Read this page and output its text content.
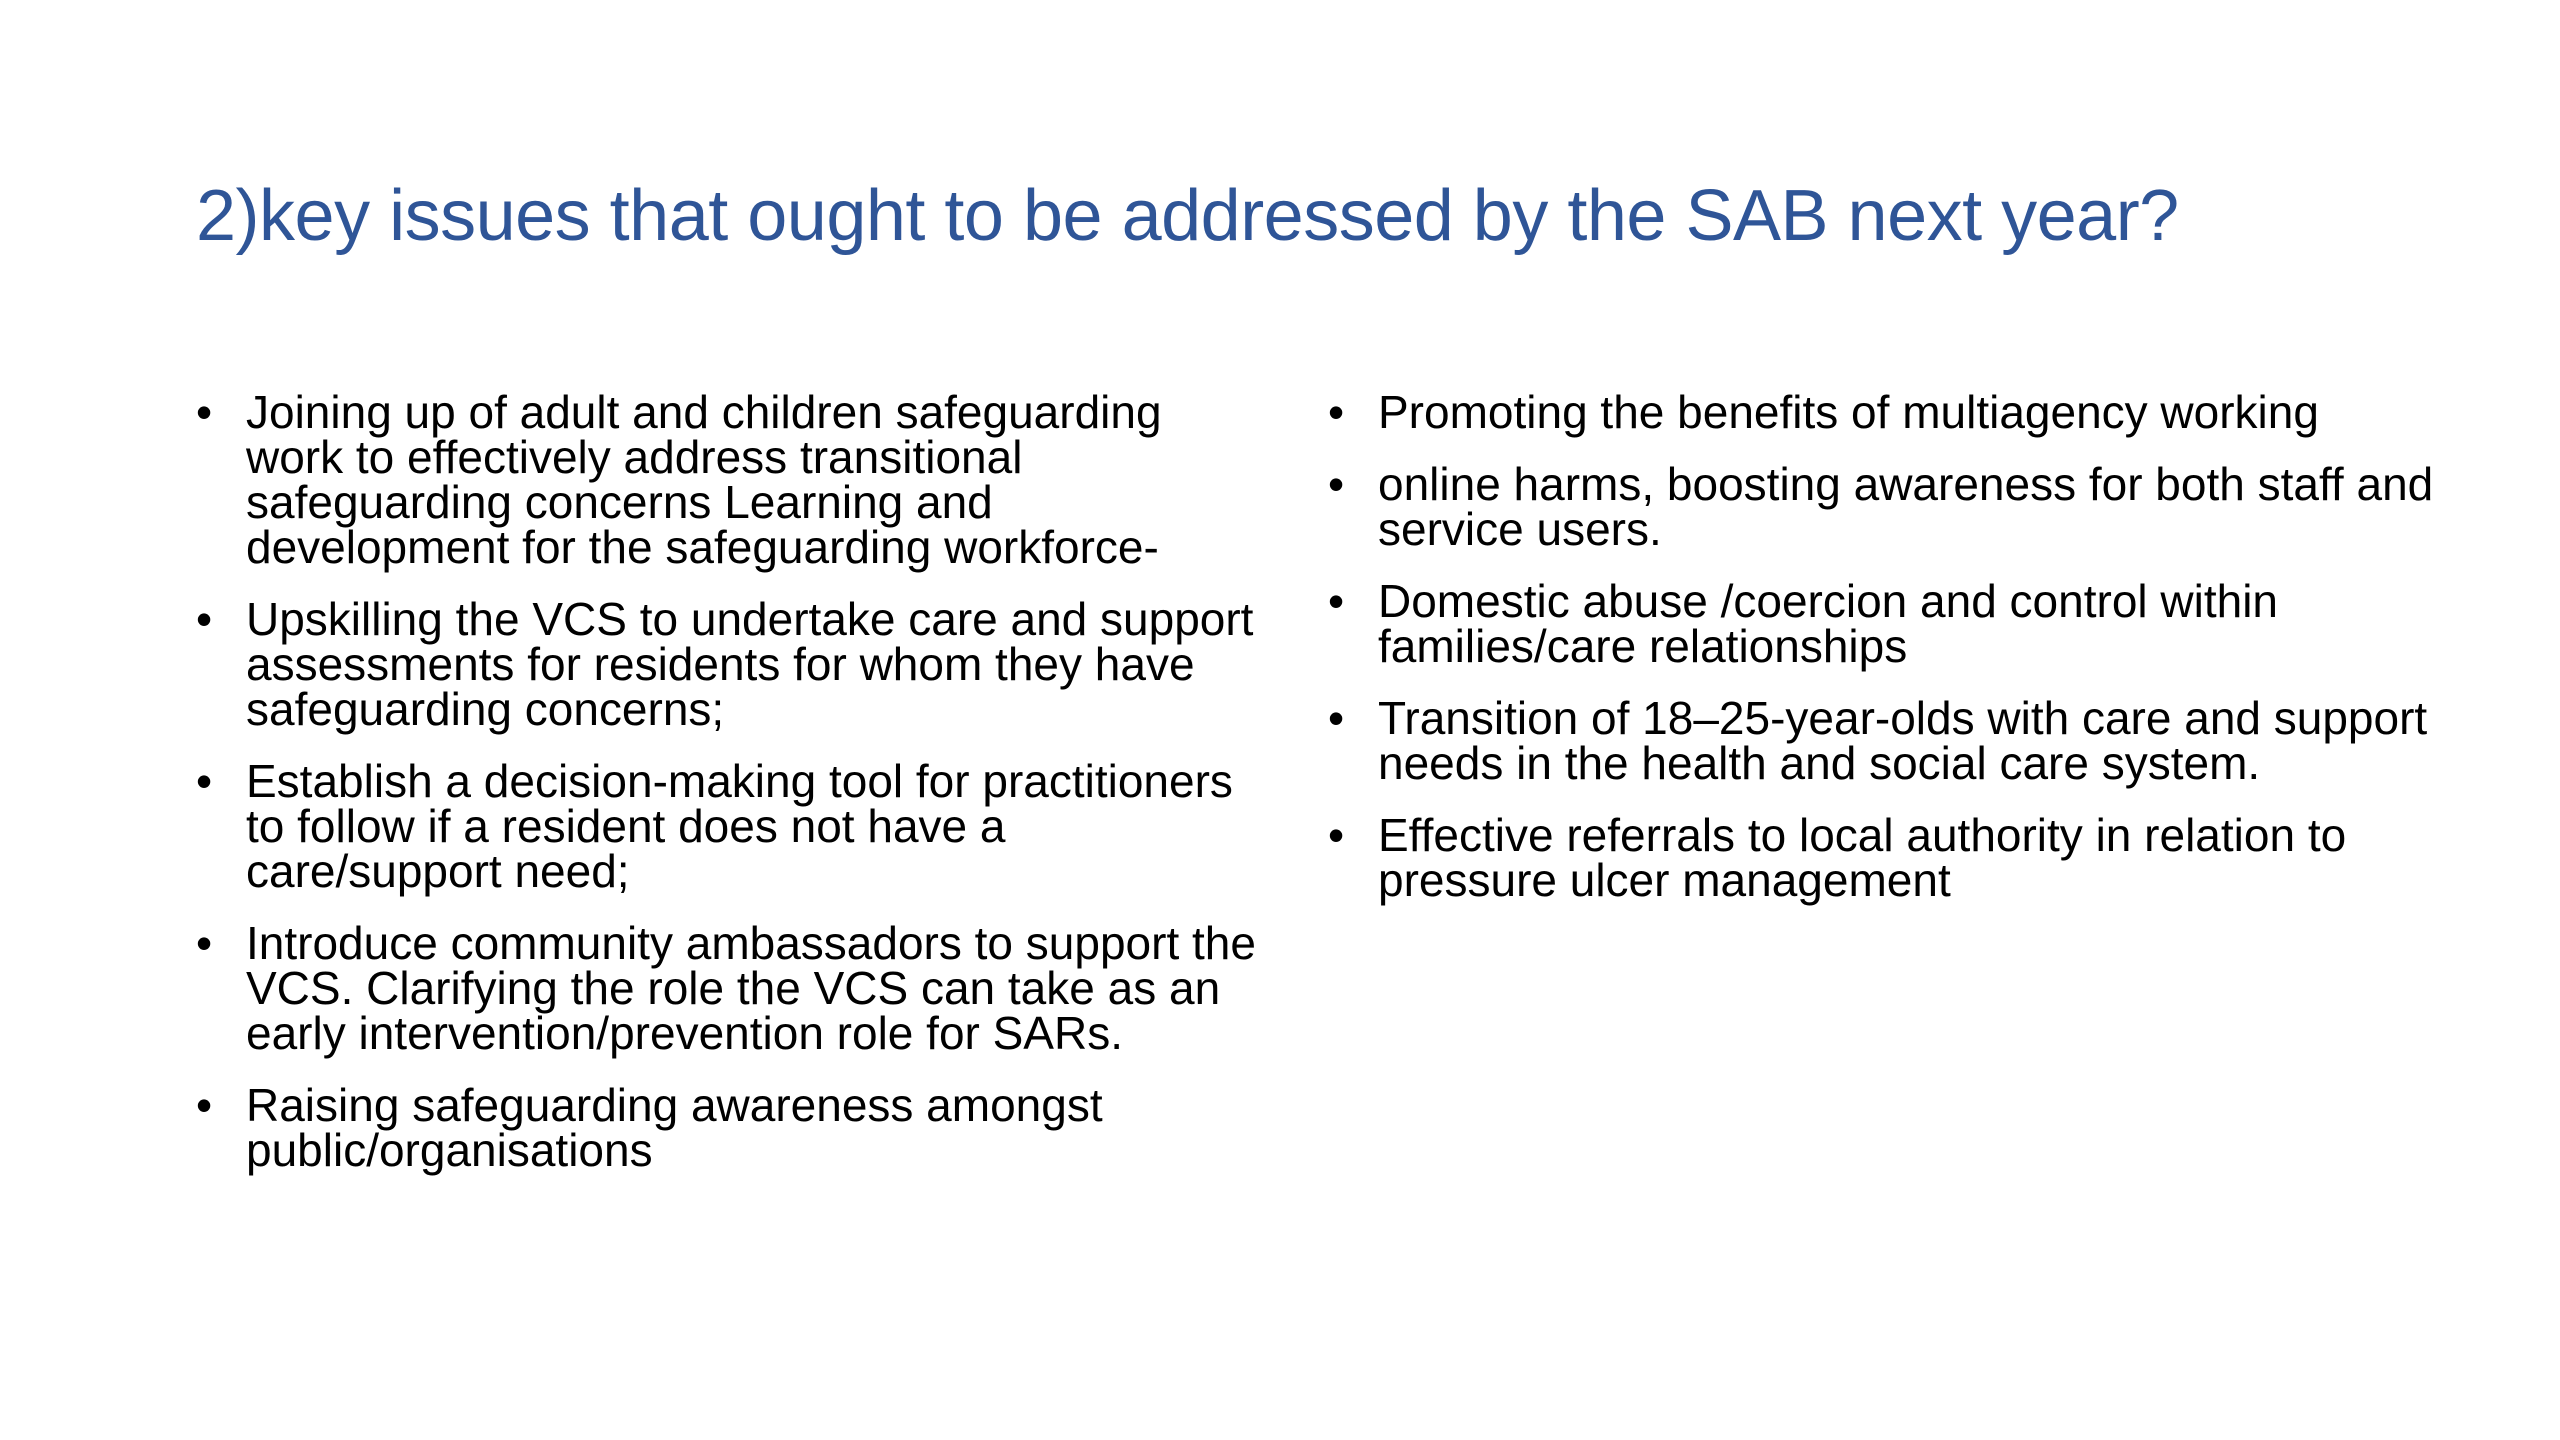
2)key issues that ought to be addressed by the SAB next year?
• Joining up of adult and children safeguarding work to effectively address transitional safeguarding concerns Learning and development for the safeguarding workforce-
• Upskilling the VCS to undertake care and support assessments for residents for whom they have safeguarding concerns;
• Establish a decision-making tool for practitioners to follow if a resident does not have a care/support need;
• Introduce community ambassadors to support the VCS. Clarifying the role the VCS can take as an early intervention/prevention role for SARs.
• Raising safeguarding awareness amongst public/organisations
• Promoting the benefits of multiagency working
• online harms, boosting awareness for both staff and service users.
• Domestic abuse /coercion and control within families/care relationships
• Transition of 18–25-year-olds with care and support needs in the health and social care system.
• Effective referrals to local authority in relation to pressure ulcer management
